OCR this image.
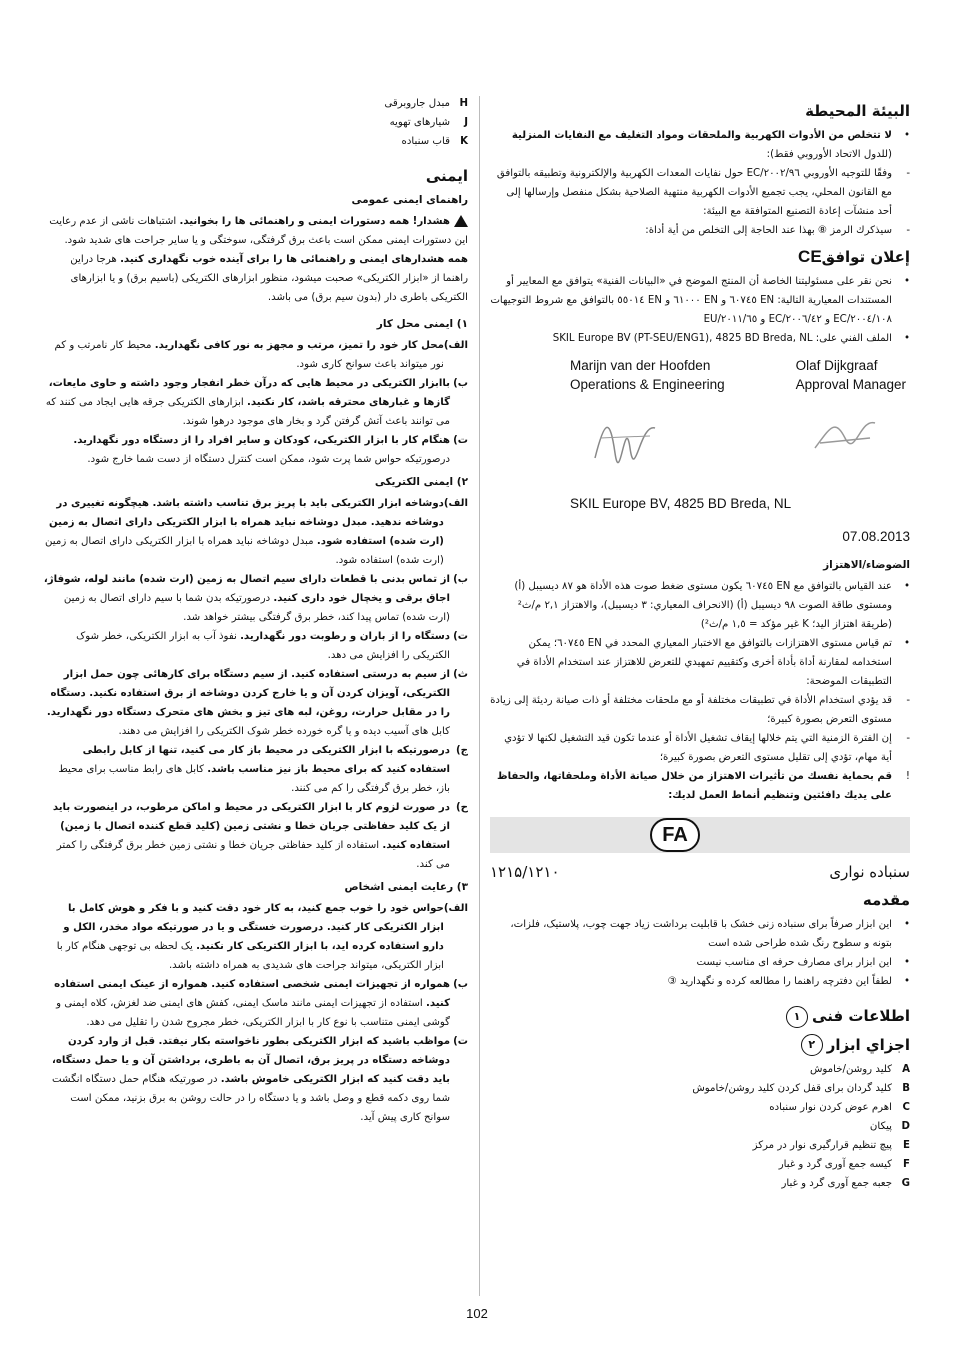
البيئة المحيطة
•
لا تتخلص من الأدوات الكهربية والملحقات ومواد التغليف مع النفايات المنزلية
(للدول الاتحاد الأوروبي فقط):
-
وفقًا للتوجيه الأوروبي ٢٠٠٢/٩٦/EC حول نفايات المعدات الكهربية والإلكترونية وتطبيقه بالتوافق مع القانون المحلي، يجب تجميع الأدوات الكهربية منتهية الصلاحية بشكل منفصل وإرسالها إلى أحد منشآت إعادة التصنيع المتوافقة مع البيئة:
-
سيذكرك الرمز ⑧ بهذا عند الحاجة إلى التخلص من أية أداة:
إعلان توافقCE
•
نحن نقر على مسئوليتنا الخاصة أن المنتج الموضح في «البيانات الفنية» يتوافق مع المعايير أو المستندات المعيارية التالية: EN ٦٠٧٤٥ و EN ٦١٠٠٠ و EN ٥٥٠١٤ بالتوافق مع شروط التوجيهات ٢٠٠٤/١٠٨/EC و ٢٠٠٦/٤٢/EC و ٢٠١١/٦٥/EU
•
الملف الفني على: SKIL Europe BV (PT-SEU/ENG1), 4825 BD Breda, NL
Marijn van der Hoofden
Operations & Engineering
Olaf Dijkgraaf
Approval Manager
SKIL Europe BV, 4825 BD Breda, NL
07.08.2013
الضوضاء/الاهتزاز
•
عند القياس بالتوافق مع EN ٦٠٧٤٥ يكون مستوى ضغط صوت هذه الأداة هو ٨٧ ديسيبل (أ) ومستوى طاقة الصوت ٩٨ ديسيبل (أ) (الانحراف المعياري: ٣ ديسيبل)، والاهتزاز ٢,١ م/ث² (طريقة اهتزاز اليد؛ K غير مؤكد = ١,٥ م/ث²)
•
تم قياس مستوى الاهتزازات بالتوافق مع الاختبار المعياري المحدد في EN ٦٠٧٤٥؛ يمكن استخدامه لمقارنة أداة بأداة أخرى وكتقييم تمهيدي للتعرض للاهتزاز عند استخدام الأداة في التطبيقات الموضحة:
-
قد يؤدي استخدام الأداة في تطبيقات مختلفة أو مع ملحقات مختلفة أو ذات صيانة رديئة إلى زيادة مستوى التعرض بصورة كبيرة؛
-
إن الفترة الزمنية التي يتم خلالها إيقاف تشغيل الأداة أو عندما تكون قيد التشغيل لكنها لا تؤدي أية مهام، تؤدي إلى تقليل مستوى التعرض بصورة كبيرة؛
!
قم بحماية نفسك من تأثيرات الاهتزاز من خلال صيانة الأداة وملحقاتها، والحفاظ على يديك دافئتين وتنظيم أنماط العمل لديك:
FA
سنباده نواری
۱۲۱۵/۱۲۱۰
مقدمه
•
این ابزار صرفاً برای سنباده زنی خشک با قابلیت برداشت زیاد جهت چوب، پلاستیک، فلزات، بتونه و سطوح رنگ شده طراحی شده است
•
این ابزار برای مصارف حرفه ای مناسب نیست
•
لطفاً این دفترچه راهنما را مطالعه کرده و نگهدارید ③
اطلاعات فنی١
اجزاي ابزار٢
A
کلید روشن/خاموش
B
کلید گردان برای قفل کردن کلید روشن/خاموش
C
اهرم عوض کردن نوار سنباده
D
پیکان
E
پیچ تنظیم قرارگیری نوار در مرکز
F
کیسه جمع آوری گرد و غبار
G
جعبه جمع آوری گرد و غبار
H
مبدل جاروبرقی
J
شیارهای تهویه
K
قاب سنباده
ایمنی
راهنمای ایمنی عمومی

هشدار! همه دستورات ایمنی و راهنمائی ها را بخوانید. اشتباهات ناشی از عدم رعایت این دستورات ایمنی ممکن است باعث برق گرفتگی، سوختگی و یا سایر جراحت های شدید شود. همه هشدارهای ایمنی و راهنمائی ها را برای آینده خوب نگهداری کنید. هرجا دراین راهنما از «ابزار الکتریکی» صحبت میشود، منظور ابزارهای الکتریکی (باسیم برق) و یا ابزارهای الکتریکی باطری دار (بدون سیم برق) می باشد.

١) ایمنی محل کار
الف)
محل کار خود را تمیز، مرتب و مجهز به نور کافی نگهدارید. محیط کار نامرتب و کم نور میتواند باعث سوانح کاری شود.
ب)
باابزار الکتریکی در محیط هایی که درآن خطر انفجار وجود داشته و حاوی مایعات، گازها و غبارهای محترقه باشد، کار نکنید. ابزارهای الکتریکی جرقه هایی ایجاد می کنند که می توانند باعث آتش گرفتن گرد و بخار های موجود درهوا شوند.
ت)
هنگام کار با ابزار الکتریکی، کودکان و سایر افراد را از دستگاه دور نگهدارید. درصورتیکه حواس شما پرت شود، ممکن است کنترل دستگاه از دست شما خارج شود.
٢) ایمنی الکتریکی
الف)
دوشاخه ابزار الکتریکی باید با پریز برق تناسب داشته باشد. هیچگونه تغییری در دوشاخه ندهید. مبدل دوشاخه نباید همراه با ابزار الکتریکی دارای اتصال به زمین (ارت شده) استفاده شود. مبدل دوشاخه نباید همراه با ابزار الکتریکی دارای اتصال به زمین (ارت شده) استفاده شود.
ب)
از تماس بدنی با قطعات دارای سیم اتصال به زمین (ارت شده) مانند لوله، شوفاژ، اجاق برقی و یخچال خود داری کنید. درصورتیکه بدن شما با سیم دارای اتصال به زمین (ارت شده) تماس پیدا کند، خطر برق گرفتگی بیشتر خواهد شد.
ت)
دستگاه را از باران و رطوبت دور نگهدارید. نفوذ آب به ابزار الکتریکی، خطر شوک الکتریکی را افزایش می دهد.
ث)
از سیم به درستی استفاده کنید. از سیم دستگاه برای کارهائی چون حمل ابزار الکتریکی، آویزان کردن آن و یا خارج کردن دوشاخه از برق استفاده نکنید. دستگاه را در مقابل حرارت، روغن، لبه های تیز و بخش های متحرک دستگاه دور نگهدارید. کابل های آسیب دیده و یا گره خورده خطر شوک الکتریکی را افزایش می دهند.
ج)
درصورتیکه با ابزار الکتریکی در محیط باز کار می کنید، تنها از کابل رابطی استفاده کنید که برای محیط باز نیز مناسب باشد. کابل های رابط مناسب برای محیط باز، خطر برق گرفتگی را کم می کنند.
ح)
در صورت لزوم کار با ابزار الکتریکی در محیط و اماکن مرطوب، در اینصورت باید از یک کلید حفاظتی جریان خطا و نشتی زمین (کلید قطع کننده اتصال با زمین) استفاده کنید. استفاده از کلید حفاظتی جریان خطا و نشتی زمین خطر برق گرفتگی را کمتر می کند.
٣) رعایت ایمنی اشخاص
الف)
حواس خود را خوب جمع کنید، به کار خود دقت کنید و با فکر و هوش کامل با ابزار الکتریکی کار کنید. درصورت خستگی و یا در صورتیکه مواد مخدر، الکل و دارو استفاده کرده اید، با ابزار الکتریکی کار نکنید. یک لحظه بی توجهی هنگام کار با ابزار الکتریکی، میتواند جراحت های شدیدی به همراه داشته باشد.
ب)
همواره از تجهیزات ایمنی شخصی استفاده کنید. همواره از عینک ایمنی استفاده کنید. استفاده از تجهیزات ایمنی مانند ماسک ایمنی، کفش های ایمنی ضد لغزش، کلاه ایمنی و گوشی ایمنی متناسب با نوع کار با ابزار الکتریکی، خطر مجروح شدن را تقلیل می دهد.
ت)
مواظب باشید که ابزار الکتریکی بطور ناخواسته بکار نیفتد. قبل از وارد کردن دوشاخه دستگاه در پریز برق، اتصال آن به باطری، برداشتن آن و یا حمل دستگاه، باید دقت کنید که ابزار الکتریکی خاموش باشد. در صورتیکه هنگام حمل دستگاه انگشت شما روی دکمه قطع و وصل باشد و یا دستگاه را در حالت روشن به برق بزنید، ممکن است سوانح کاری پیش آید.
102
